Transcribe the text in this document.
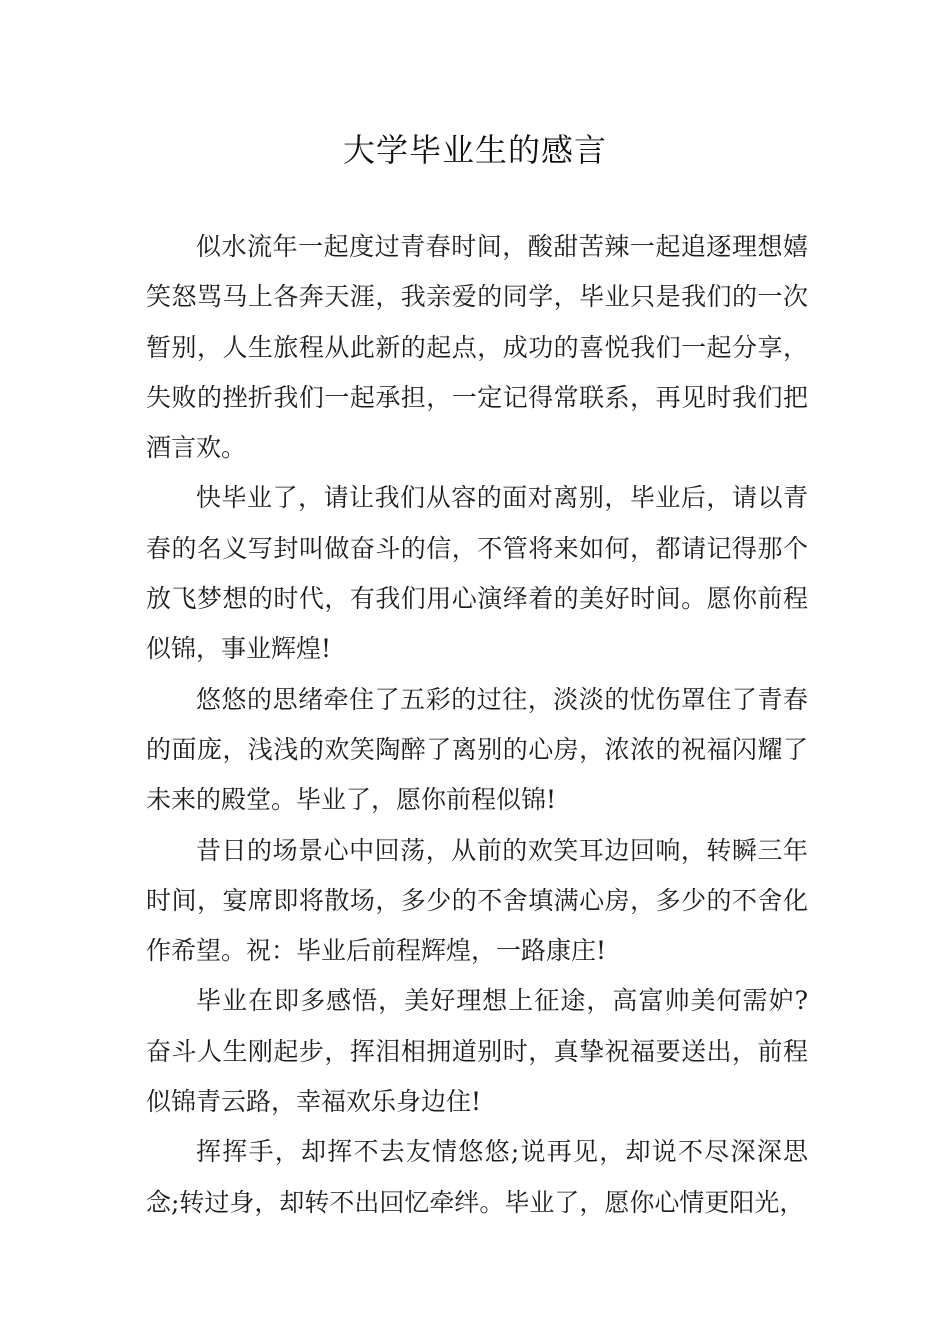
大学毕业生的感言

似水流年一起度过青春时间，酸甜苦辣一起追逐理想嬉笑怒骂马上各奔天涯，我亲爱的同学，毕业只是我们的一次暂别，人生旅程从此新的起点，成功的喜悦我们一起分享，失败的挫折我们一起承担，一定记得常联系，再见时我们把酒言欢。

快毕业了，请让我们从容的面对离别，毕业后，请以青春的名义写封叫做奋斗的信，不管将来如何，都请记得那个放飞梦想的时代，有我们用心演绎着的美好时间。愿你前程似锦，事业辉煌!

悠悠的思绪牵住了五彩的过往，淡淡的忧伤罩住了青春的面庞，浅浅的欢笑陶醉了离别的心房，浓浓的祝福闪耀了未来的殿堂。毕业了，愿你前程似锦!

昔日的场景心中回荡，从前的欢笑耳边回响，转瞬三年时间，宴席即将散场，多少的不舍填满心房，多少的不舍化作希望。祝：毕业后前程辉煌，一路康庄!

毕业在即多感悟，美好理想上征途，高富帅美何需妒?奋斗人生刚起步，挥泪相拥道别时，真挚祝福要送出，前程似锦青云路，幸福欢乐身边住!

挥挥手，却挥不去友情悠悠;说再见，却说不尽深深思念;转过身，却转不出回忆牵绊。毕业了，愿你心情更阳光，
